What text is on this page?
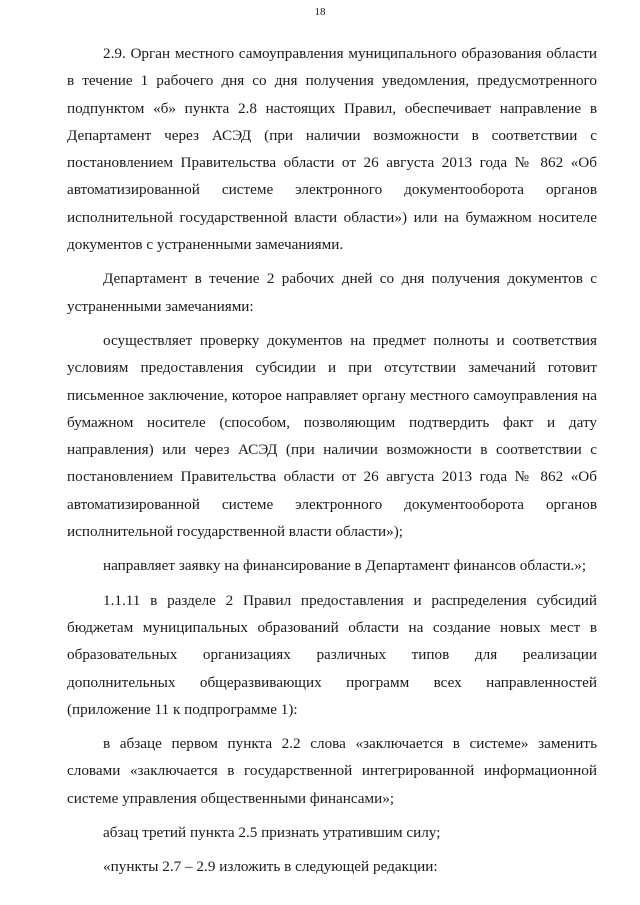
18

2.9. Орган местного самоуправления муниципального образования области в течение 1 рабочего дня со дня получения уведомления, предусмотренного подпунктом «б» пункта 2.8 настоящих Правил, обеспечивает направление в Департамент через АСЭД (при наличии возможности в соответствии с постановлением Правительства области от 26 августа 2013 года № 862 «Об автоматизированной системе электронного документооборота органов исполнительной государственной власти области») или на бумажном носителе документов с устраненными замечаниями.

Департамент в течение 2 рабочих дней со дня получения документов с устраненными замечаниями:

осуществляет проверку документов на предмет полноты и соответствия условиям предоставления субсидии и при отсутствии замечаний готовит письменное заключение, которое направляет органу местного самоуправления на бумажном носителе (способом, позволяющим подтвердить факт и дату направления) или через АСЭД (при наличии возможности в соответствии с постановлением Правительства области от 26 августа 2013 года № 862 «Об автоматизированной системе электронного документооборота органов исполнительной государственной власти области»);

направляет заявку на финансирование в Департамент финансов области.»;

1.1.11 в разделе 2 Правил предоставления и распределения субсидий бюджетам муниципальных образований области на создание новых мест в образовательных организациях различных типов для реализации дополнительных общеразвивающих программ всех направленностей (приложение 11 к подпрограмме 1):

в абзаце первом пункта 2.2 слова «заключается в системе» заменить словами «заключается в государственной интегрированной информационной системе управления общественными финансами»;

абзац третий пункта 2.5 признать утратившим силу;

«пункты 2.7 – 2.9 изложить в следующей редакции:
